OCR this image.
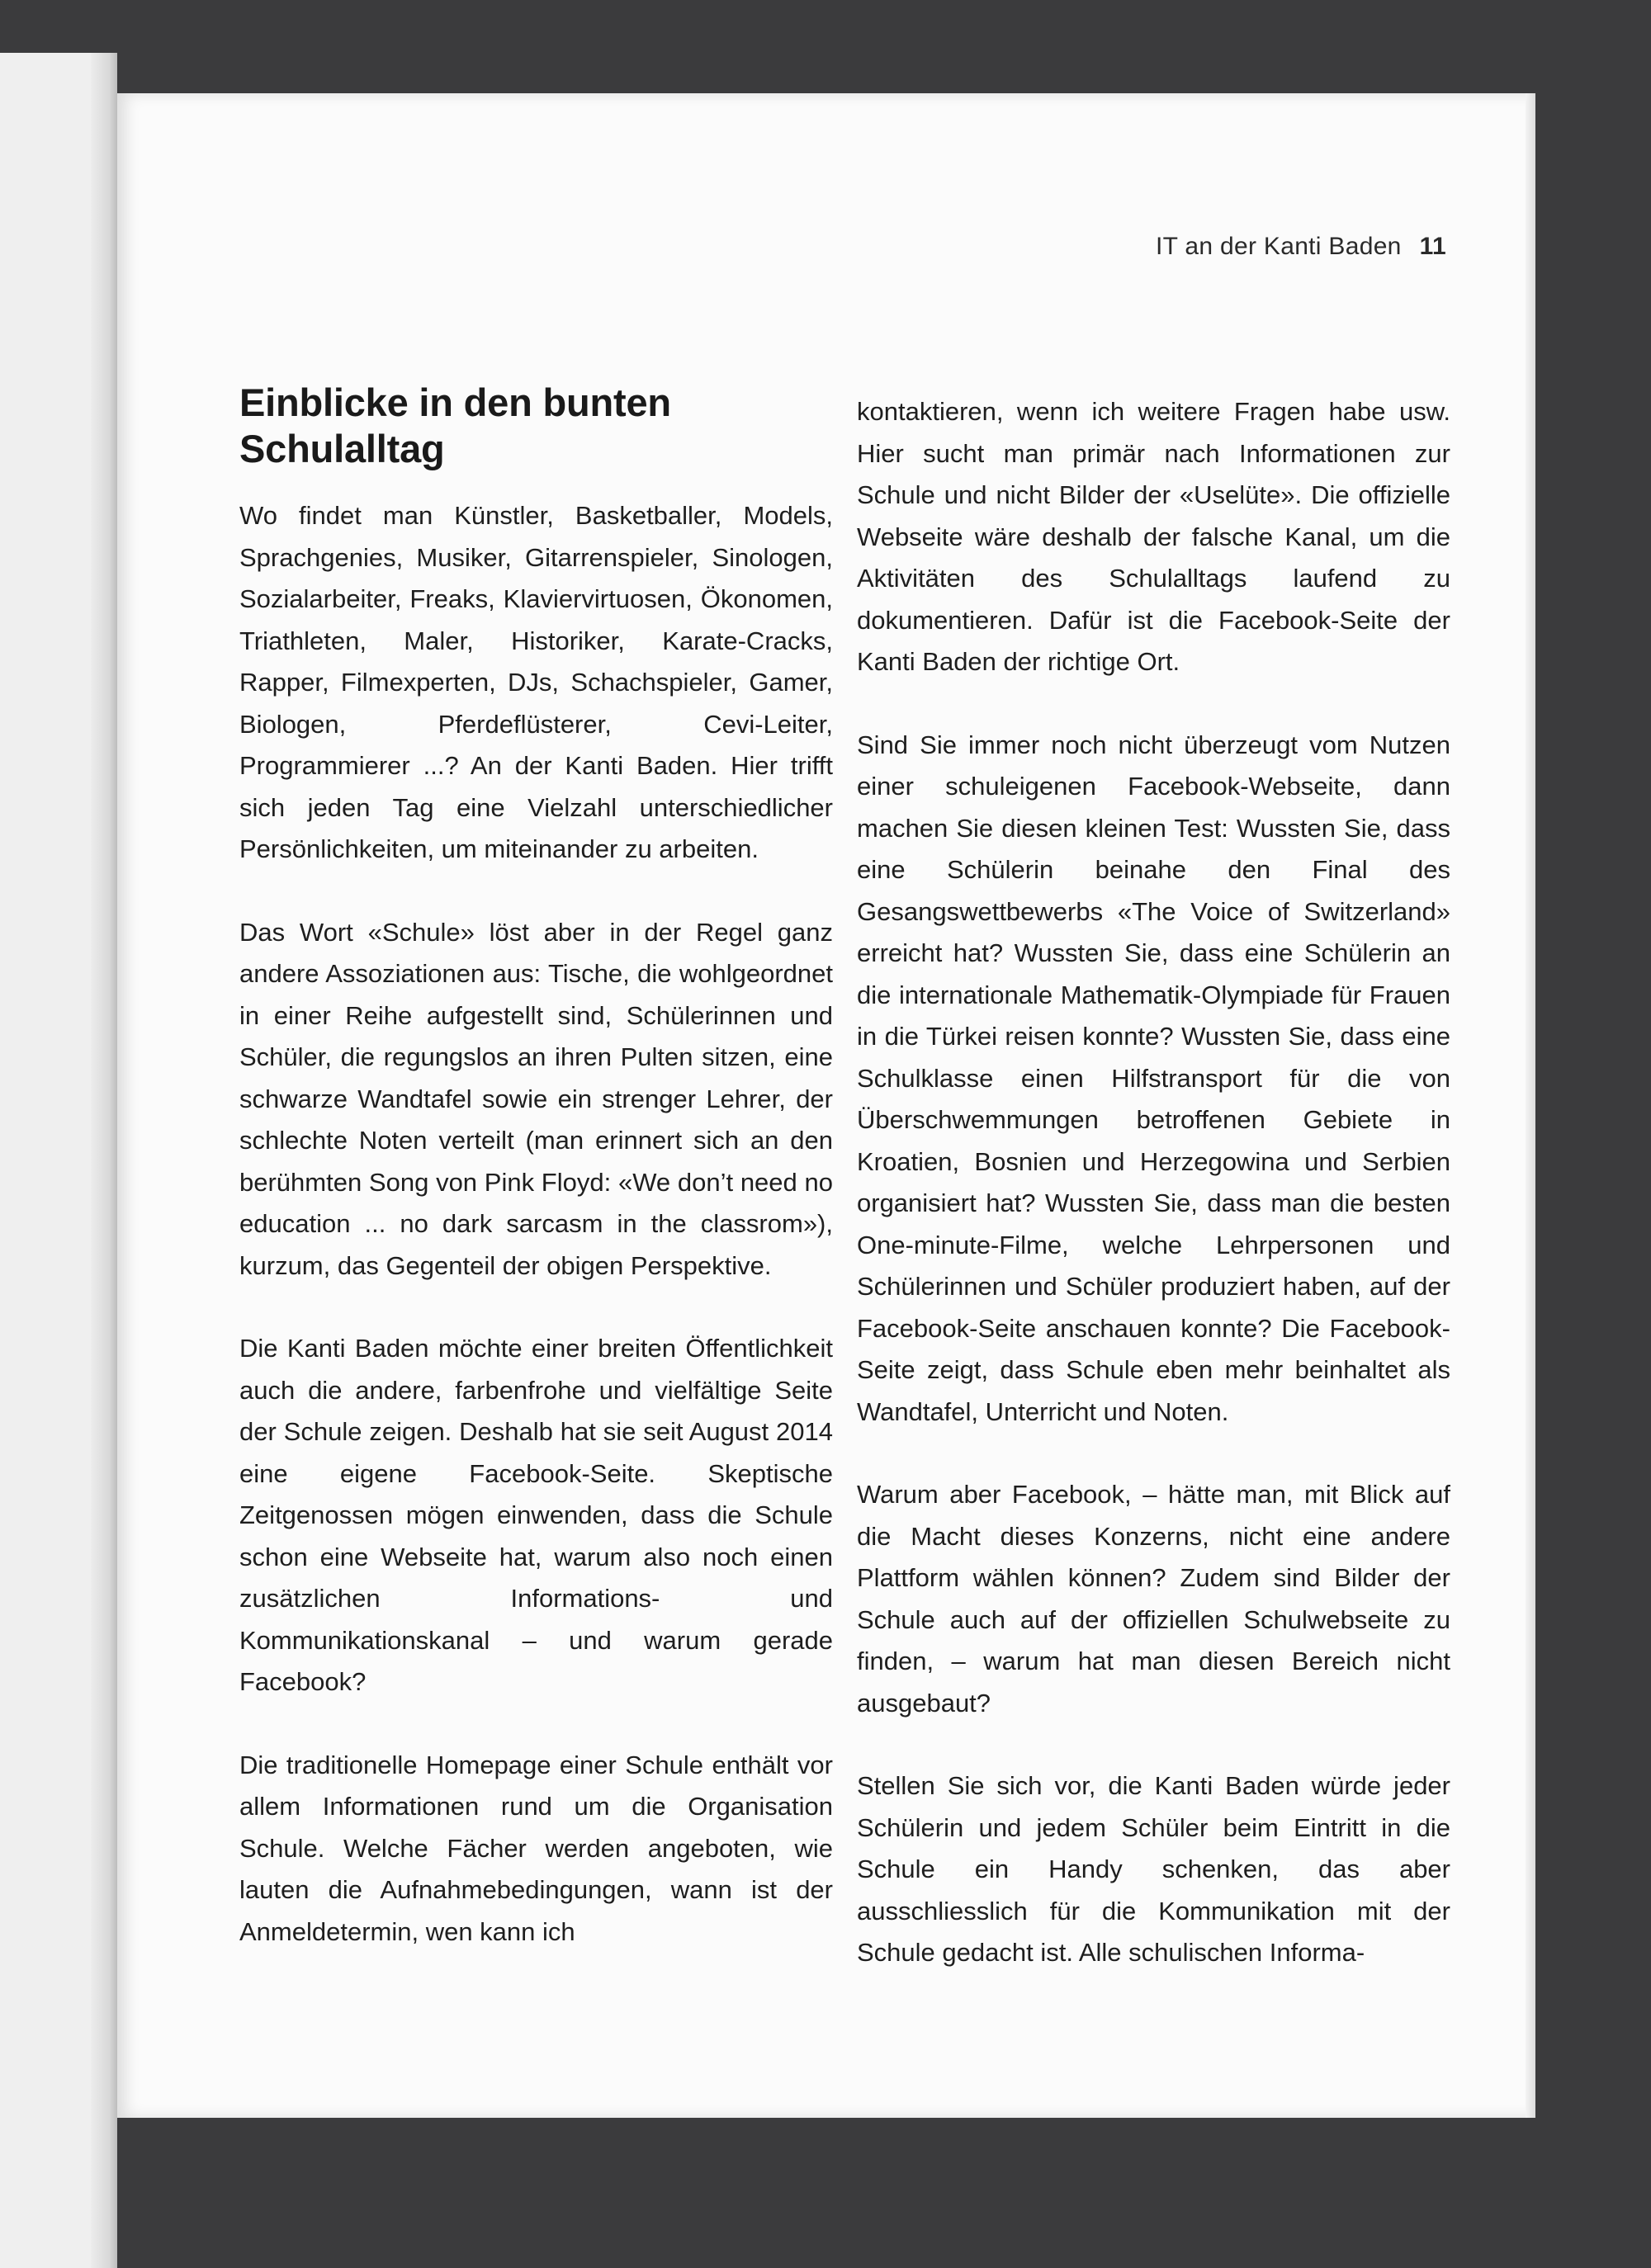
IT an der Kanti Baden 11
Einblicke in den bunten Schulalltag

Wo findet man Künstler, Basketballer, Models, Sprachgenies, Musiker, Gitarrenspieler, Sinologen, Sozialarbeiter, Freaks, Klaviervirtuosen, Ökonomen, Triathleten, Maler, Historiker, Karate-Cracks, Rapper, Filmexperten, DJs, Schachspieler, Gamer, Biologen, Pferdeflüsterer, Cevi-Leiter, Programmierer ...? An der Kanti Baden. Hier trifft sich jeden Tag eine Vielzahl unterschiedlicher Persönlichkeiten, um miteinander zu arbeiten.

Das Wort «Schule» löst aber in der Regel ganz andere Assoziationen aus: Tische, die wohlgeordnet in einer Reihe aufgestellt sind, Schülerinnen und Schüler, die regungslos an ihren Pulten sitzen, eine schwarze Wandtafel sowie ein strenger Lehrer, der schlechte Noten verteilt (man erinnert sich an den berühmten Song von Pink Floyd: «We don’t need no education ... no dark sarcasm in the classrom»), kurzum, das Gegenteil der obigen Perspektive.

Die Kanti Baden möchte einer breiten Öffentlichkeit auch die andere, farbenfrohe und vielfältige Seite der Schule zeigen. Deshalb hat sie seit August 2014 eine eigene Facebook-Seite. Skeptische Zeitgenossen mögen einwenden, dass die Schule schon eine Webseite hat, warum also noch einen zusätzlichen Informations- und Kommunikationskanal – und warum gerade Facebook?

Die traditionelle Homepage einer Schule enthält vor allem Informationen rund um die Organisation Schule. Welche Fächer werden angeboten, wie lauten die Aufnahmebedingungen, wann ist der Anmeldetermin, wen kann ich

kontaktieren, wenn ich weitere Fragen habe usw. Hier sucht man primär nach Informationen zur Schule und nicht Bilder der «Uselüte». Die offizielle Webseite wäre deshalb der falsche Kanal, um die Aktivitäten des Schulalltags laufend zu dokumentieren. Dafür ist die Facebook-Seite der Kanti Baden der richtige Ort.

Sind Sie immer noch nicht überzeugt vom Nutzen einer schuleigenen Facebook-Webseite, dann machen Sie diesen kleinen Test: Wussten Sie, dass eine Schülerin beinahe den Final des Gesangswettbewerbs «The Voice of Switzerland» erreicht hat? Wussten Sie, dass eine Schülerin an die internationale Mathematik-Olympiade für Frauen in die Türkei reisen konnte? Wussten Sie, dass eine Schulklasse einen Hilfstransport für die von Überschwemmungen betroffenen Gebiete in Kroatien, Bosnien und Herzegowina und Serbien organisiert hat? Wussten Sie, dass man die besten One-minute-Filme, welche Lehrpersonen und Schülerinnen und Schüler produziert haben, auf der Facebook-Seite anschauen konnte? Die Facebook-Seite zeigt, dass Schule eben mehr beinhaltet als Wandtafel, Unterricht und Noten.

Warum aber Facebook, – hätte man, mit Blick auf die Macht dieses Konzerns, nicht eine andere Plattform wählen können? Zudem sind Bilder der Schule auch auf der offiziellen Schulwebseite zu finden, – warum hat man diesen Bereich nicht ausgebaut?

Stellen Sie sich vor, die Kanti Baden würde jeder Schülerin und jedem Schüler beim Eintritt in die Schule ein Handy schenken, das aber ausschliesslich für die Kommunikation mit der Schule gedacht ist. Alle schulischen Informa-
